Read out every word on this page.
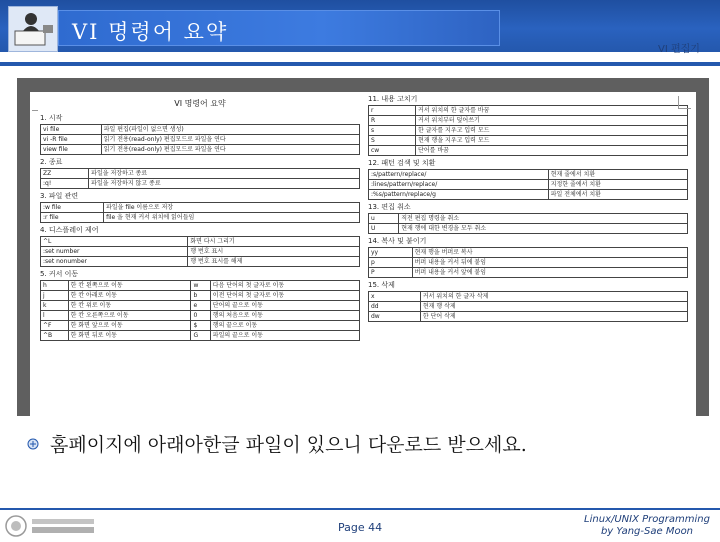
VI 명령어 요약
VI 편집기
VI 명령어 요약
1. 시작
vi file	파일 편집(파일이 없으면 생성)
vi -R file	읽기 전용(read-only) 편집모드로 파일을 연다
view file	읽기 전용(read-only) 편집모드로 파일을 연다
2. 종료
ZZ	파일을 저장하고 종료
:q!	파일을 저장하지 않고 종료
3. 파일 관련
:w file	파일을 file 이름으로 저장
:r file	file 을 현재 커서 위치에 읽어들임
4. 디스플레이 제어
^L	화면 다시 그리기
:set number	행 번호 표시
:set nonumber	행 번호 표시를 해제
5. 커서 이동
h	한 칸 왼쪽으로 이동	w	다음 단어의 첫 글자로 이동
j	한 칸 아래로 이동	b	이전 단어의 첫 글자로 이동
k	한 칸 위로 이동	e	단어의 끝으로 이동
l	한 칸 오른쪽으로 이동	0	행의 처음으로 이동
^F	한 화면 앞으로 이동	$	행의 끝으로 이동
^B	한 화면 뒤로 이동	G	파일의 끝으로 이동
11. 내용 고치기
r	커서 위치의 한 글자를 바꿈
R	커서 위치부터 덮어쓰기
s	한 글자를 지우고 입력 모드
S	현재 행을 지우고 입력 모드
cw	단어를 바꿈
12. 패턴 검색 및 치환
:s/pattern/replace/	현재 줄에서 치환
:lines/pattern/replace/	지정한 줄에서 치환
:%s/pattern/replace/g	파일 전체에서 치환
13. 편집 취소
u	직전 편집 명령을 취소
U	현재 행에 대한 변경을 모두 취소
14. 복사 및 붙이기
yy	현재 행을 버퍼로 복사
p	버퍼 내용을 커서 뒤에 붙임
P	버퍼 내용을 커서 앞에 붙임
15. 삭제
x	커서 위치의 한 글자 삭제
dd	현재 행 삭제
dw	한 단어 삭제
홈페이지에 아래아한글 파일이 있으니 다운로드 받으세요.
Page 44
Linux/UNIX Programming
by Yang-Sae Moon
